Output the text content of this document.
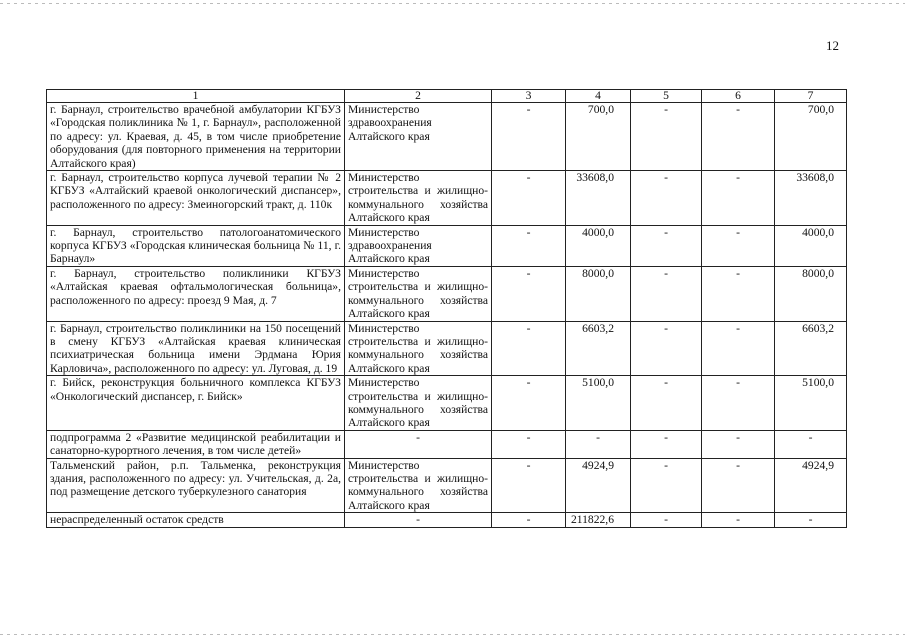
12
1	2	3	4	5	6	7
г. Барнаул, строительство врачебной амбулатории КГБУЗ «Городская поликлиника № 1, г. Барнаул», расположенной по адресу: ул. Краевая, д. 45, в том числе приобретение оборудования (для повторного применения на территории Алтайского края)	Министерство здравоохранения Алтайского края	-	700,0	-	-	700,0
г. Барнаул, строительство корпуса лучевой терапии № 2 КГБУЗ «Алтайский краевой онкологический диспансер», расположенного по адресу: Змеиногорский тракт, д. 110к	Министерство строительства и жилищно-коммунального хозяйства Алтайского края	-	33608,0	-	-	33608,0
г. Барнаул, строительство патологоанатомического корпуса КГБУЗ «Городская клиническая больница № 11, г. Барнаул»	Министерство здравоохранения Алтайского края	-	4000,0	-	-	4000,0
г. Барнаул, строительство поликлиники КГБУЗ «Алтайская краевая офтальмологическая больница», расположенного по адресу: проезд 9 Мая, д. 7	Министерство строительства и жилищно-коммунального хозяйства Алтайского края	-	8000,0	-	-	8000,0
г. Барнаул, строительство поликлиники на 150 посещений в смену КГБУЗ «Алтайская краевая клиническая психиатрическая больница имени Эрдмана Юрия Карловича», расположенного по адресу: ул. Луговая, д. 19	Министерство строительства и жилищно-коммунального хозяйства Алтайского края	-	6603,2	-	-	6603,2
г. Бийск, реконструкция больничного комплекса КГБУЗ «Онкологический диспансер, г. Бийск»	Министерство строительства и жилищно-коммунального хозяйства Алтайского края	-	5100,0	-	-	5100,0
подпрограмма 2 «Развитие медицинской реабилитации и санаторно-курортного лечения, в том числе детей»	-	-	-	-	-	-
Тальменский район, р.п. Тальменка, реконструкция здания, расположенного по адресу: ул. Учительская, д. 2а, под размещение детского туберкулезного санатория	Министерство строительства и жилищно-коммунального хозяйства Алтайского края	-	4924,9	-	-	4924,9
нераспределенный остаток средств	-	-	211822,6	-	-	-
